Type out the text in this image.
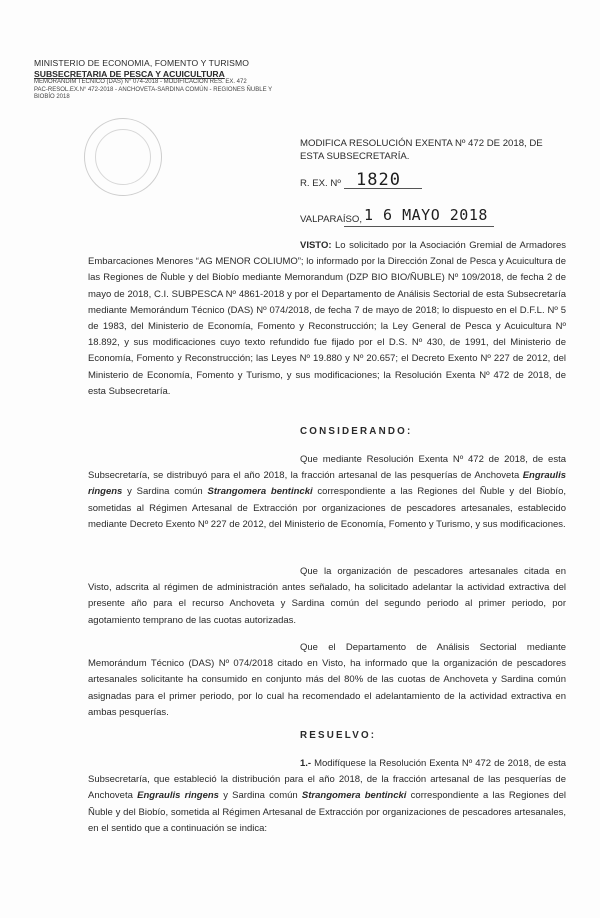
MINISTERIO DE ECONOMIA, FOMENTO Y TURISMO
SUBSECRETARIA DE PESCA Y ACUICULTURA
MEMORANDÍM TÉCNICO (DAS) N° 074-2018 - MODIFICACIÓN RES. EX. 472
PAC-RESOL.EX.N° 472-2018 - ANCHOVETA-SARDINA COMÚN - REGIONES ÑUBLE Y BIOBÍO 2018
MODIFICA RESOLUCIÓN EXENTA Nº 472 DE 2018, DE ESTA SUBSECRETARÍA.
R. EX. Nº 1820
VALPARAÍSO, 1 6 MAYO 2018

VISTO: Lo solicitado por la Asociación Gremial de Armadores Embarcaciones Menores “AG MENOR COLIUMO”; lo informado por la Dirección Zonal de Pesca y Acuicultura de las Regiones de Ñuble y del Biobío mediante Memorandum (DZP BIO BIO/ÑUBLE) Nº 109/2018, de fecha 2 de mayo de 2018, C.I. SUBPESCA Nº 4861-2018 y por el Departamento de Análisis Sectorial de esta Subsecretaría mediante Memorándum Técnico (DAS) Nº 074/2018, de fecha 7 de mayo de 2018; lo dispuesto en el D.F.L. Nº 5 de 1983, del Ministerio de Economía, Fomento y Reconstrucción; la Ley General de Pesca y Acuicultura Nº 18.892, y sus modificaciones cuyo texto refundido fue fijado por el D.S. Nº 430, de 1991, del Ministerio de Economía, Fomento y Reconstrucción; las Leyes Nº 19.880 y Nº 20.657; el Decreto Exento Nº 227 de 2012, del Ministerio de Economía, Fomento y Turismo, y sus modificaciones; la Resolución Exenta Nº 472 de 2018, de esta Subsecretaría.

CONSIDERANDO:

Que mediante Resolución Exenta Nº 472 de 2018, de esta Subsecretaría, se distribuyó para el año 2018, la fracción artesanal de las pesquerías de Anchoveta Engraulis ringens y Sardina común Strangomera bentincki correspondiente a las Regiones del Ñuble y del Biobío, sometidas al Régimen Artesanal de Extracción por organizaciones de pescadores artesanales, establecido mediante Decreto Exento Nº 227 de 2012, del Ministerio de Economía, Fomento y Turismo, y sus modificaciones.

Que la organización de pescadores artesanales citada en Visto, adscrita al régimen de administración antes señalado, ha solicitado adelantar la actividad extractiva del presente año para el recurso Anchoveta y Sardina común del segundo periodo al primer periodo, por agotamiento temprano de las cuotas autorizadas.

Que el Departamento de Análisis Sectorial mediante Memorándum Técnico (DAS) Nº 074/2018 citado en Visto, ha informado que la organización de pescadores artesanales solicitante ha consumido en conjunto más del 80% de las cuotas de Anchoveta y Sardina común asignadas para el primer periodo, por lo cual ha recomendado el adelantamiento de la actividad extractiva en ambas pesquerías.

RESUELVO:

1.- Modifíquese la Resolución Exenta Nº 472 de 2018, de esta Subsecretaría, que estableció la distribución para el año 2018, de la fracción artesanal de las pesquerías de Anchoveta Engraulis ringens y Sardina común Strangomera bentincki correspondiente a las Regiones del Ñuble y del Biobío, sometida al Régimen Artesanal de Extracción por organizaciones de pescadores artesanales, en el sentido que a continuación se indica:
